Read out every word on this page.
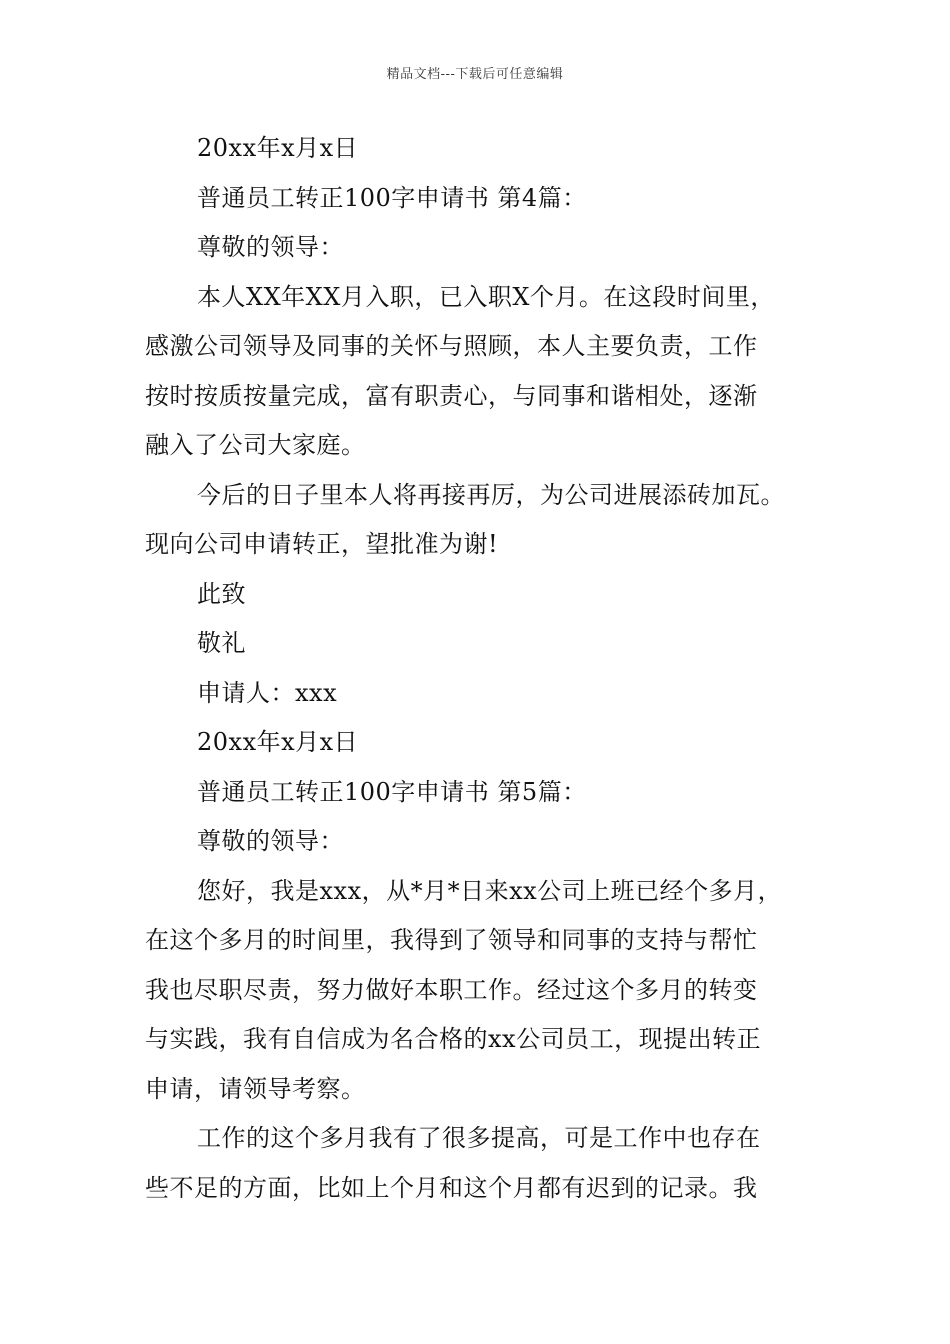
精品文档---下载后可任意编辑
20xx年x月x日
普通员工转正100字申请书 第4篇：
尊敬的领导：
本人XX年XX月入职，已入职X个月。在这段时间里，
感激公司领导及同事的关怀与照顾，本人主要负责，工作
按时按质按量完成，富有职责心，与同事和谐相处，逐渐
融入了公司大家庭。
今后的日子里本人将再接再厉，为公司进展添砖加瓦。
现向公司申请转正，望批准为谢!
此致
敬礼
申请人：xxx
20xx年x月x日
普通员工转正100字申请书 第5篇：
尊敬的领导：
您好，我是xxx，从*月*日来xx公司上班已经个多月，
在这个多月的时间里，我得到了领导和同事的支持与帮忙
我也尽职尽责，努力做好本职工作。经过这个多月的转变
与实践，我有自信成为名合格的xx公司员工，现提出转正
申请，请领导考察。
工作的这个多月我有了很多提高，可是工作中也存在
些不足的方面，比如上个月和这个月都有迟到的记录。我
